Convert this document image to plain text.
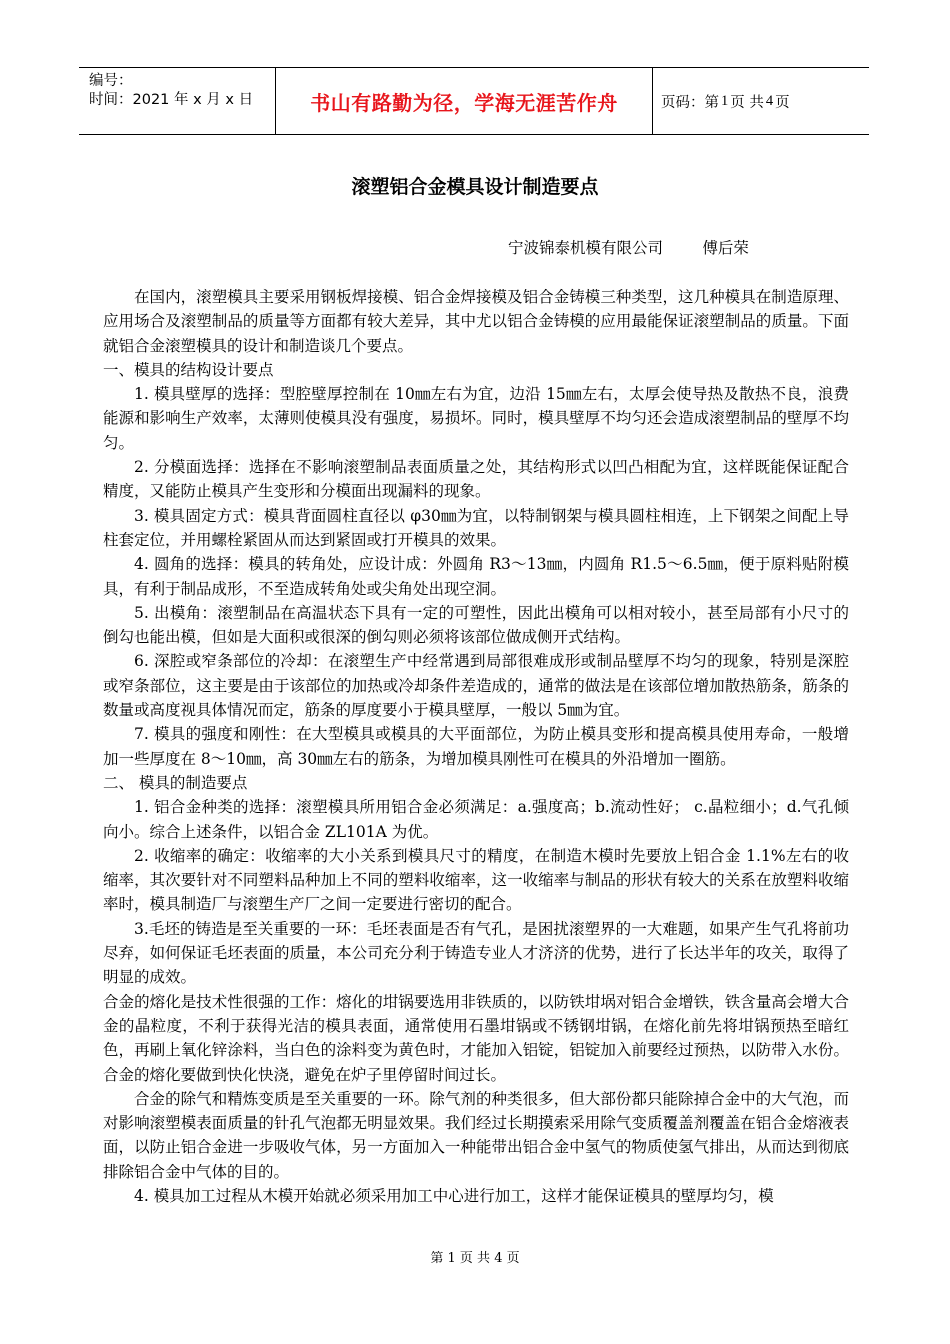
编号：
时间：2021 年 x 月 x 日	书山有路勤为径，学海无涯苦作舟	页码：第 1 页 共 4 页
滚塑铝合金模具设计制造要点
宁波锦泰机模有限公司        傅后荣

在国内，滚塑模具主要采用钢板焊接模、铝合金焊接模及铝合金铸模三种类型，这几种模具在制造原理、应用场合及滚塑制品的质量等方面都有较大差异，其中尤以铝合金铸模的应用最能保证滚塑制品的质量。下面就铝合金滚塑模具的设计和制造谈几个要点。

一、模具的结构设计要点

1. 模具壁厚的选择：型腔壁厚控制在 10㎜左右为宜，边沿 15㎜左右，太厚会使导热及散热不良，浪费能源和影响生产效率，太薄则使模具没有强度，易损坏。同时，模具壁厚不均匀还会造成滚塑制品的壁厚不均匀。

2. 分模面选择：选择在不影响滚塑制品表面质量之处，其结构形式以凹凸相配为宜，这样既能保证配合精度，又能防止模具产生变形和分模面出现漏料的现象。

3. 模具固定方式：模具背面圆柱直径以 φ30㎜为宜，以特制钢架与模具圆柱相连，上下钢架之间配上导柱套定位，并用螺栓紧固从而达到紧固或打开模具的效果。

4. 圆角的选择：模具的转角处，应设计成：外圆角 R3～13㎜，内圆角 R1.5～6.5㎜，便于原料贴附模具，有利于制品成形，不至造成转角处或尖角处出现空洞。

5. 出模角：滚塑制品在高温状态下具有一定的可塑性，因此出模角可以相对较小，甚至局部有小尺寸的倒勾也能出模，但如是大面积或很深的倒勾则必须将该部位做成侧开式结构。

6. 深腔或窄条部位的冷却：在滚塑生产中经常遇到局部很难成形或制品壁厚不均匀的现象，特别是深腔或窄条部位，这主要是由于该部位的加热或冷却条件差造成的，通常的做法是在该部位增加散热筋条，筋条的数量或高度视具体情况而定，筋条的厚度要小于模具壁厚，一般以 5㎜为宜。

7. 模具的强度和刚性：在大型模具或模具的大平面部位，为防止模具变形和提高模具使用寿命，一般增加一些厚度在 8～10㎜，高 30㎜左右的筋条，为增加模具刚性可在模具的外沿增加一圈筋。

二、 模具的制造要点

1. 铝合金种类的选择：滚塑模具所用铝合金必须满足：a.强度高；b.流动性好； c.晶粒细小；d.气孔倾向小。综合上述条件，以铝合金 ZL101A 为优。

2. 收缩率的确定：收缩率的大小关系到模具尺寸的精度，在制造木模时先要放上铝合金 1.1%左右的收缩率，其次要针对不同塑料品种加上不同的塑料收缩率，这一收缩率与制品的形状有较大的关系在放塑料收缩率时，模具制造厂与滚塑生产厂之间一定要进行密切的配合。

3.毛坯的铸造是至关重要的一环：毛坯表面是否有气孔，是困扰滚塑界的一大难题，如果产生气孔将前功尽弃，如何保证毛坯表面的质量，本公司充分利于铸造专业人才济济的优势，进行了长达半年的攻关，取得了明显的成效。

合金的熔化是技术性很强的工作：熔化的坩锅要选用非铁质的，以防铁坩埚对铝合金增铁，铁含量高会增大合金的晶粒度，不利于获得光洁的模具表面，通常使用石墨坩锅或不锈钢坩锅，在熔化前先将坩锅预热至暗红色，再刷上氧化锌涂料，当白色的涂料变为黄色时，才能加入铝锭，铝锭加入前要经过预热，以防带入水份。合金的熔化要做到快化快浇，避免在炉子里停留时间过长。

合金的除气和精炼变质是至关重要的一环。除气剂的种类很多，但大部份都只能除掉合金中的大气泡，而对影响滚塑模表面质量的针孔气泡都无明显效果。我们经过长期摸索采用除气变质覆盖剂覆盖在铝合金熔液表面，以防止铝合金进一步吸收气体，另一方面加入一种能带出铝合金中氢气的物质使氢气排出，从而达到彻底排除铝合金中气体的目的。

4. 模具加工过程从木模开始就必须采用加工中心进行加工，这样才能保证模具的壁厚均匀，模

第 1 页 共 4 页
